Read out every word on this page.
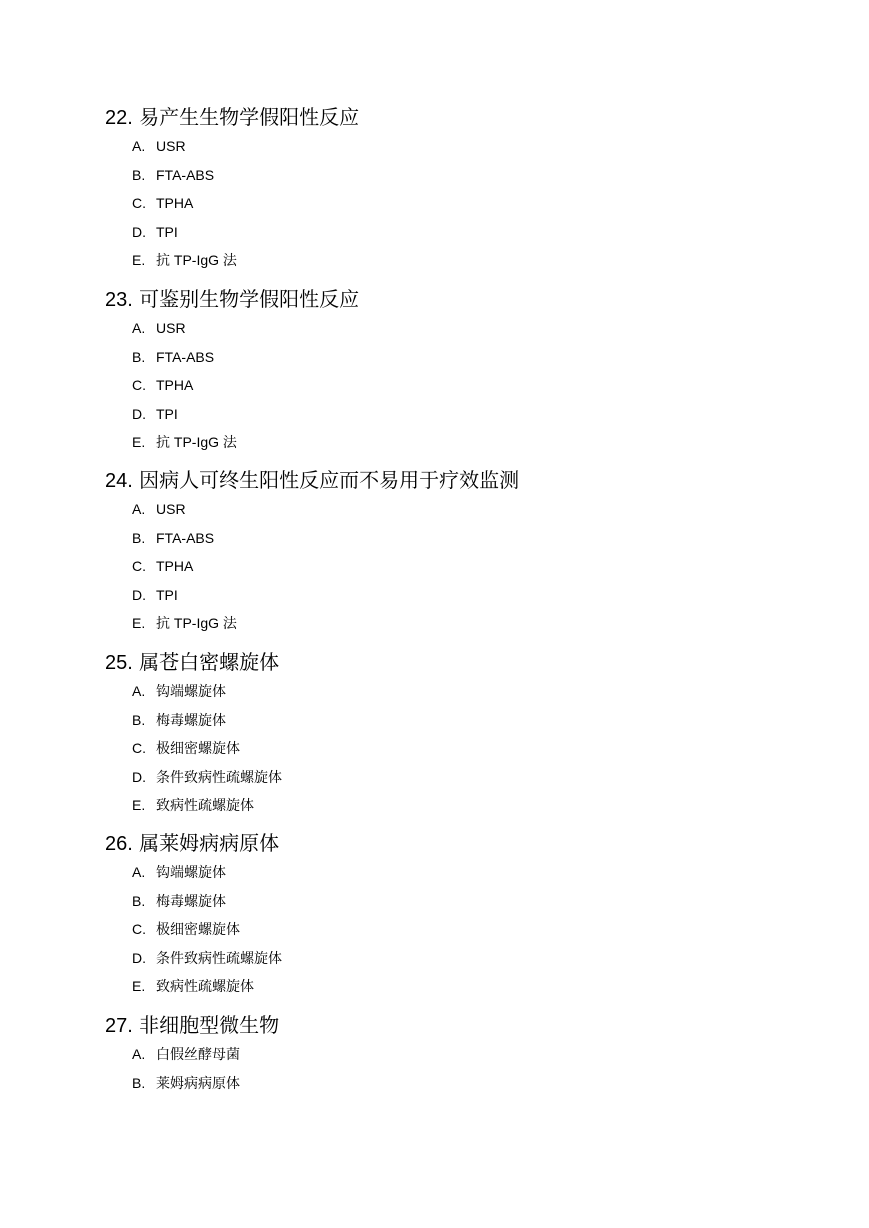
22. 易产生生物学假阳性反应
A. USR
B. FTA-ABS
C. TPHA
D. TPI
E. 抗 TP-IgG 法
23. 可鉴别生物学假阳性反应
A. USR
B. FTA-ABS
C. TPHA
D. TPI
E. 抗 TP-IgG 法
24. 因病人可终生阳性反应而不易用于疗效监测
A. USR
B. FTA-ABS
C. TPHA
D. TPI
E. 抗 TP-IgG 法
25. 属苍白密螺旋体
A. 钩端螺旋体
B. 梅毒螺旋体
C. 极细密螺旋体
D. 条件致病性疏螺旋体
E. 致病性疏螺旋体
26. 属莱姆病病原体
A. 钩端螺旋体
B. 梅毒螺旋体
C. 极细密螺旋体
D. 条件致病性疏螺旋体
E. 致病性疏螺旋体
27. 非细胞型微生物
A. 白假丝酵母菌
B. 莱姆病病原体
